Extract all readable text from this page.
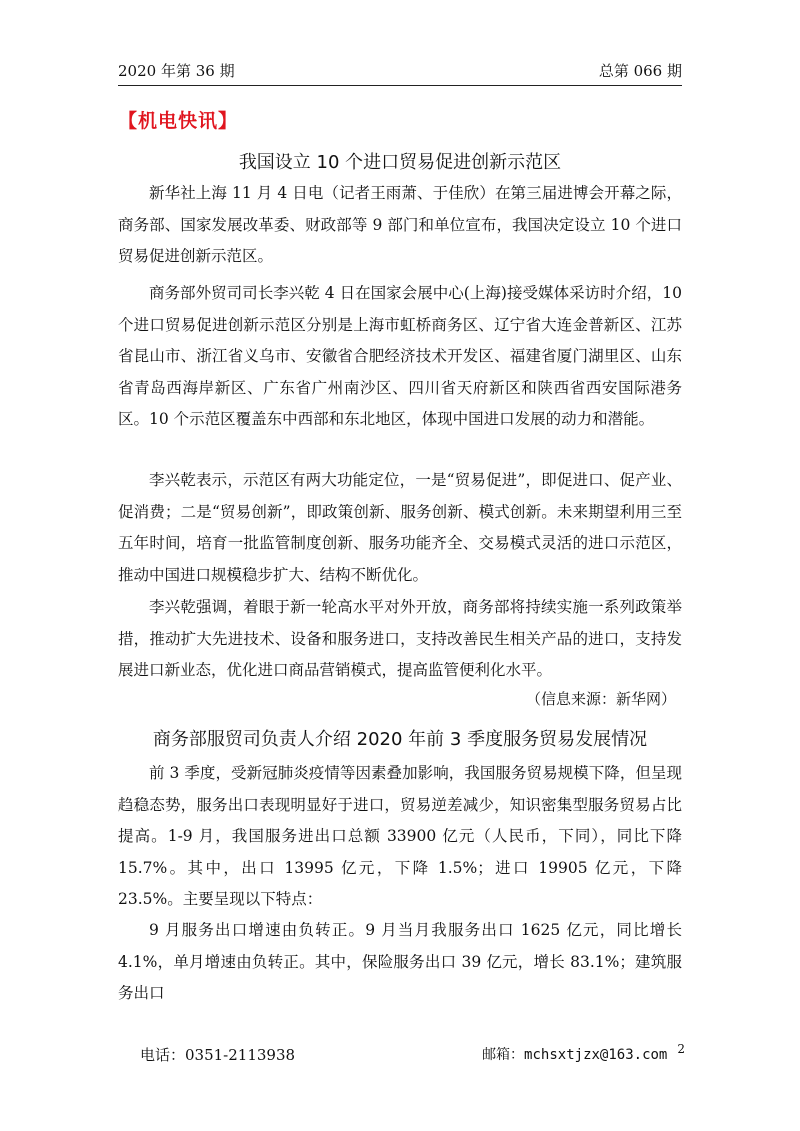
2020 年第 36 期	总第 066 期
【机电快讯】
我国设立 10 个进口贸易促进创新示范区

新华社上海 11 月 4 日电（记者王雨萧、于佳欣）在第三届进博会开幕之际，商务部、国家发展改革委、财政部等 9 部门和单位宣布，我国决定设立 10 个进口贸易促进创新示范区。

商务部外贸司司长李兴乾 4 日在国家会展中心(上海)接受媒体采访时介绍，10 个进口贸易促进创新示范区分别是上海市虹桥商务区、辽宁省大连金普新区、江苏省昆山市、浙江省义乌市、安徽省合肥经济技术开发区、福建省厦门湖里区、山东省青岛西海岸新区、广东省广州南沙区、四川省天府新区和陕西省西安国际港务区。10 个示范区覆盖东中西部和东北地区，体现中国进口发展的动力和潜能。

李兴乾表示，示范区有两大功能定位，一是“贸易促进”，即促进口、促产业、促消费；二是“贸易创新”，即政策创新、服务创新、模式创新。未来期望利用三至五年时间，培育一批监管制度创新、服务功能齐全、交易模式灵活的进口示范区，推动中国进口规模稳步扩大、结构不断优化。

李兴乾强调，着眼于新一轮高水平对外开放，商务部将持续实施一系列政策举措，推动扩大先进技术、设备和服务进口，支持改善民生相关产品的进口，支持发展进口新业态，优化进口商品营销模式，提高监管便利化水平。

（信息来源：新华网）
商务部服贸司负责人介绍 2020 年前 3 季度服务贸易发展情况

前 3 季度，受新冠肺炎疫情等因素叠加影响，我国服务贸易规模下降，但呈现趋稳态势，服务出口表现明显好于进口，贸易逆差减少，知识密集型服务贸易占比提高。1-9 月，我国服务进出口总额 33900 亿元（人民币，下同），同比下降 15.7%。其中，出口 13995 亿元，下降 1.5%；进口 19905 亿元，下降 23.5%。主要呈现以下特点：

9 月服务出口增速由负转正。9 月当月我服务出口 1625 亿元，同比增长 4.1%，单月增速由负转正。其中，保险服务出口 39 亿元，增长 83.1%；建筑服务出口

电话：0351-2113938	邮箱：mchsxtjzx@163.com 2
